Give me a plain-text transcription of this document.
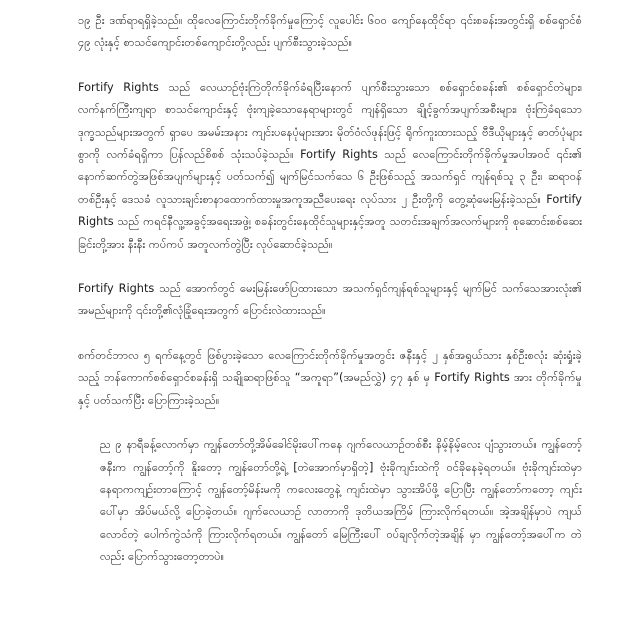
၁၉ ဦး ဒဏ်ရာရရှိခဲ့သည်။ ထိုလေကြောင်းတိုက်ခိုက်မှုကြောင့် လူပေါင်း ၆၀၀ ကျော်နေထိုင်ရာ ၎င်းစခန်းအတွင်းရှိ စစ်ရှောင်စံ ၄၉ လုံးနှင့် စာသင်ကျောင်းတစ်ကျောင်းတို့လည်း ပျက်စီးသွားခဲ့သည်။

Fortify Rights သည် လေယာဉ်ဗုံးကြဲတိုက်ခိုက်ခံရပြီးနောက် ပျက်စီးသွားသော စစ်ရှောင်စခန်း၏ စစ်ရှောင်တဲများ၊ လက်နက်ကြီးကျရာ စာသင်ကျောင်းနှင့် ဗုံးကျခဲ့သောနေရာများတွင် ကျန်ရှိသော ချိုင့်ခွက်အပျက်အစီးများ၊ ဗုံးကြဲခံရသော ဒုက္ခသည်များအတွက် ရှာပေ အမမ်းအနား ကျင်းပနေပုံများအား မိုတ်ဝံလ်ဖုန်းဖြင့် ရိုက်ကူးထားသည့် ဗီဒီယိုများနှင့် ဓာတ်ပုံများစွာကို လက်ခံရရှိကာ ပြန်လည်စိစစ် သုံးသပ်ခဲ့သည်။ Fortify Rights သည် လေကြောင်းတိုက်ခိုက်မှုအပါအဝင် ၎င်း၏ နောက်ဆက်တွဲအဖြစ်အပျက်များနှင့် ပတ်သက်၍ မျက်မြင်သက်သေ ၆ ဦးဖြစ်သည့် အသက်ရှင် ကျန်ရစ်သူ ၃ ဦး၊ ဆရာဝန်တစ်ဦးနှင့် ဒေသခံ လူသားချင်းစာနာထောက်ထားမှုအကူအညီပေးရေး လုပ်သား ၂ ဦးတို့ကို တွေ့ဆုံမေးမြန်းခဲ့သည်။ Fortify Rights သည် ကရင်နီလူ့အခွင့်အရေးအဖွဲ့၊ စခန်းတွင်းနေထိုင်သူများနှင့်အတူ သတင်းအချက်အလက်များကို စုဆောင်းစစ်ဆေးခြင်းတို့အား နီးနီး ကပ်ကပ် အတူလက်တွဲပြီး လုပ်ဆောင်ခဲ့သည်။

Fortify Rights သည် အောက်တွင် မေးမြန်းဖော်ပြထားသော အသက်ရှင်ကျန်ရစ်သူများနှင့် မျက်မြင် သက်သေအားလုံး၏ အမည်များကို ၎င်းတို့၏လုံခြုံရေးအတွက် ပြောင်းလဲထားသည်။

စက်တင်ဘာလ ၅ ရက်နေ့တွင် ဖြစ်ပွားခဲ့သော လေကြောင်းတိုက်ခိုက်မှုအတွင်း ဇနီးနှင့် ၂ နှစ်အရွယ်သား နှစ်ဦးစလုံး ဆုံးရှုံးခဲ့သည့် ဘန်ကောက်စစ်ရှောင်စခန်းရှိ သချိုဆရာဖြစ်သူ “အကူရာ”(အမည်လွှဲ) ၄၇ နှစ် မှ Fortify Rights အား တိုက်ခိုက်မှုနှင့် ပတ်သက်ပြီး ပြောကြားခဲ့သည်။

ည ၉ နာရီခန့်လောက်မှာ ကျွန်တော်တို့အိမ်ခေါင်မိုးပေါ်ကနေ ဂျက်လေယာဉ်တစ်စီး နိမ့်နိမ့်လေး ပျံသွားတယ်။ ကျွန်တော့်ဇနီးက ကျွန်တော့်ကို နိူးတော့ ကျွန်တော်တို့ရဲ့ [တဲအောက်မှာရှိတဲ့] ဗုံးခိုကျင်းထဲကို ဝင်ခိုနေခဲ့ရတယ်။ ဗုံးခိုကျင်းထဲမှာ နေရာကကျဉ်းတာကြောင့် ကျွန်တော့်မိန်းမကို ကလေးတွေနဲ့ ကျင်းထဲမှာ သွားအိပ်ဖို့ ပြောပြီး ကျွန်တော်ကတော့ ကျင်းပေါ်မှာ အိပ်မယ်လို့ ပြောခဲ့တယ်။ ဂျက်လေယာဉ် လာတာကို ဒုတိယအကြိမ် ကြားလိုက်ရတယ်။ အဲ့အချိန်မှာပဲ ကျယ်လောင်တဲ့ ပေါက်ကွဲသံကို ကြားလိုက်ရတယ်။ ကျွန်တော် မြေကြီးပေါ် ဝပ်ချလိုက်တဲ့အချိန် မှာ ကျွန်တော့်အပေါ်က တဲလည်း ပြောက်သွားတော့တာပဲ။
